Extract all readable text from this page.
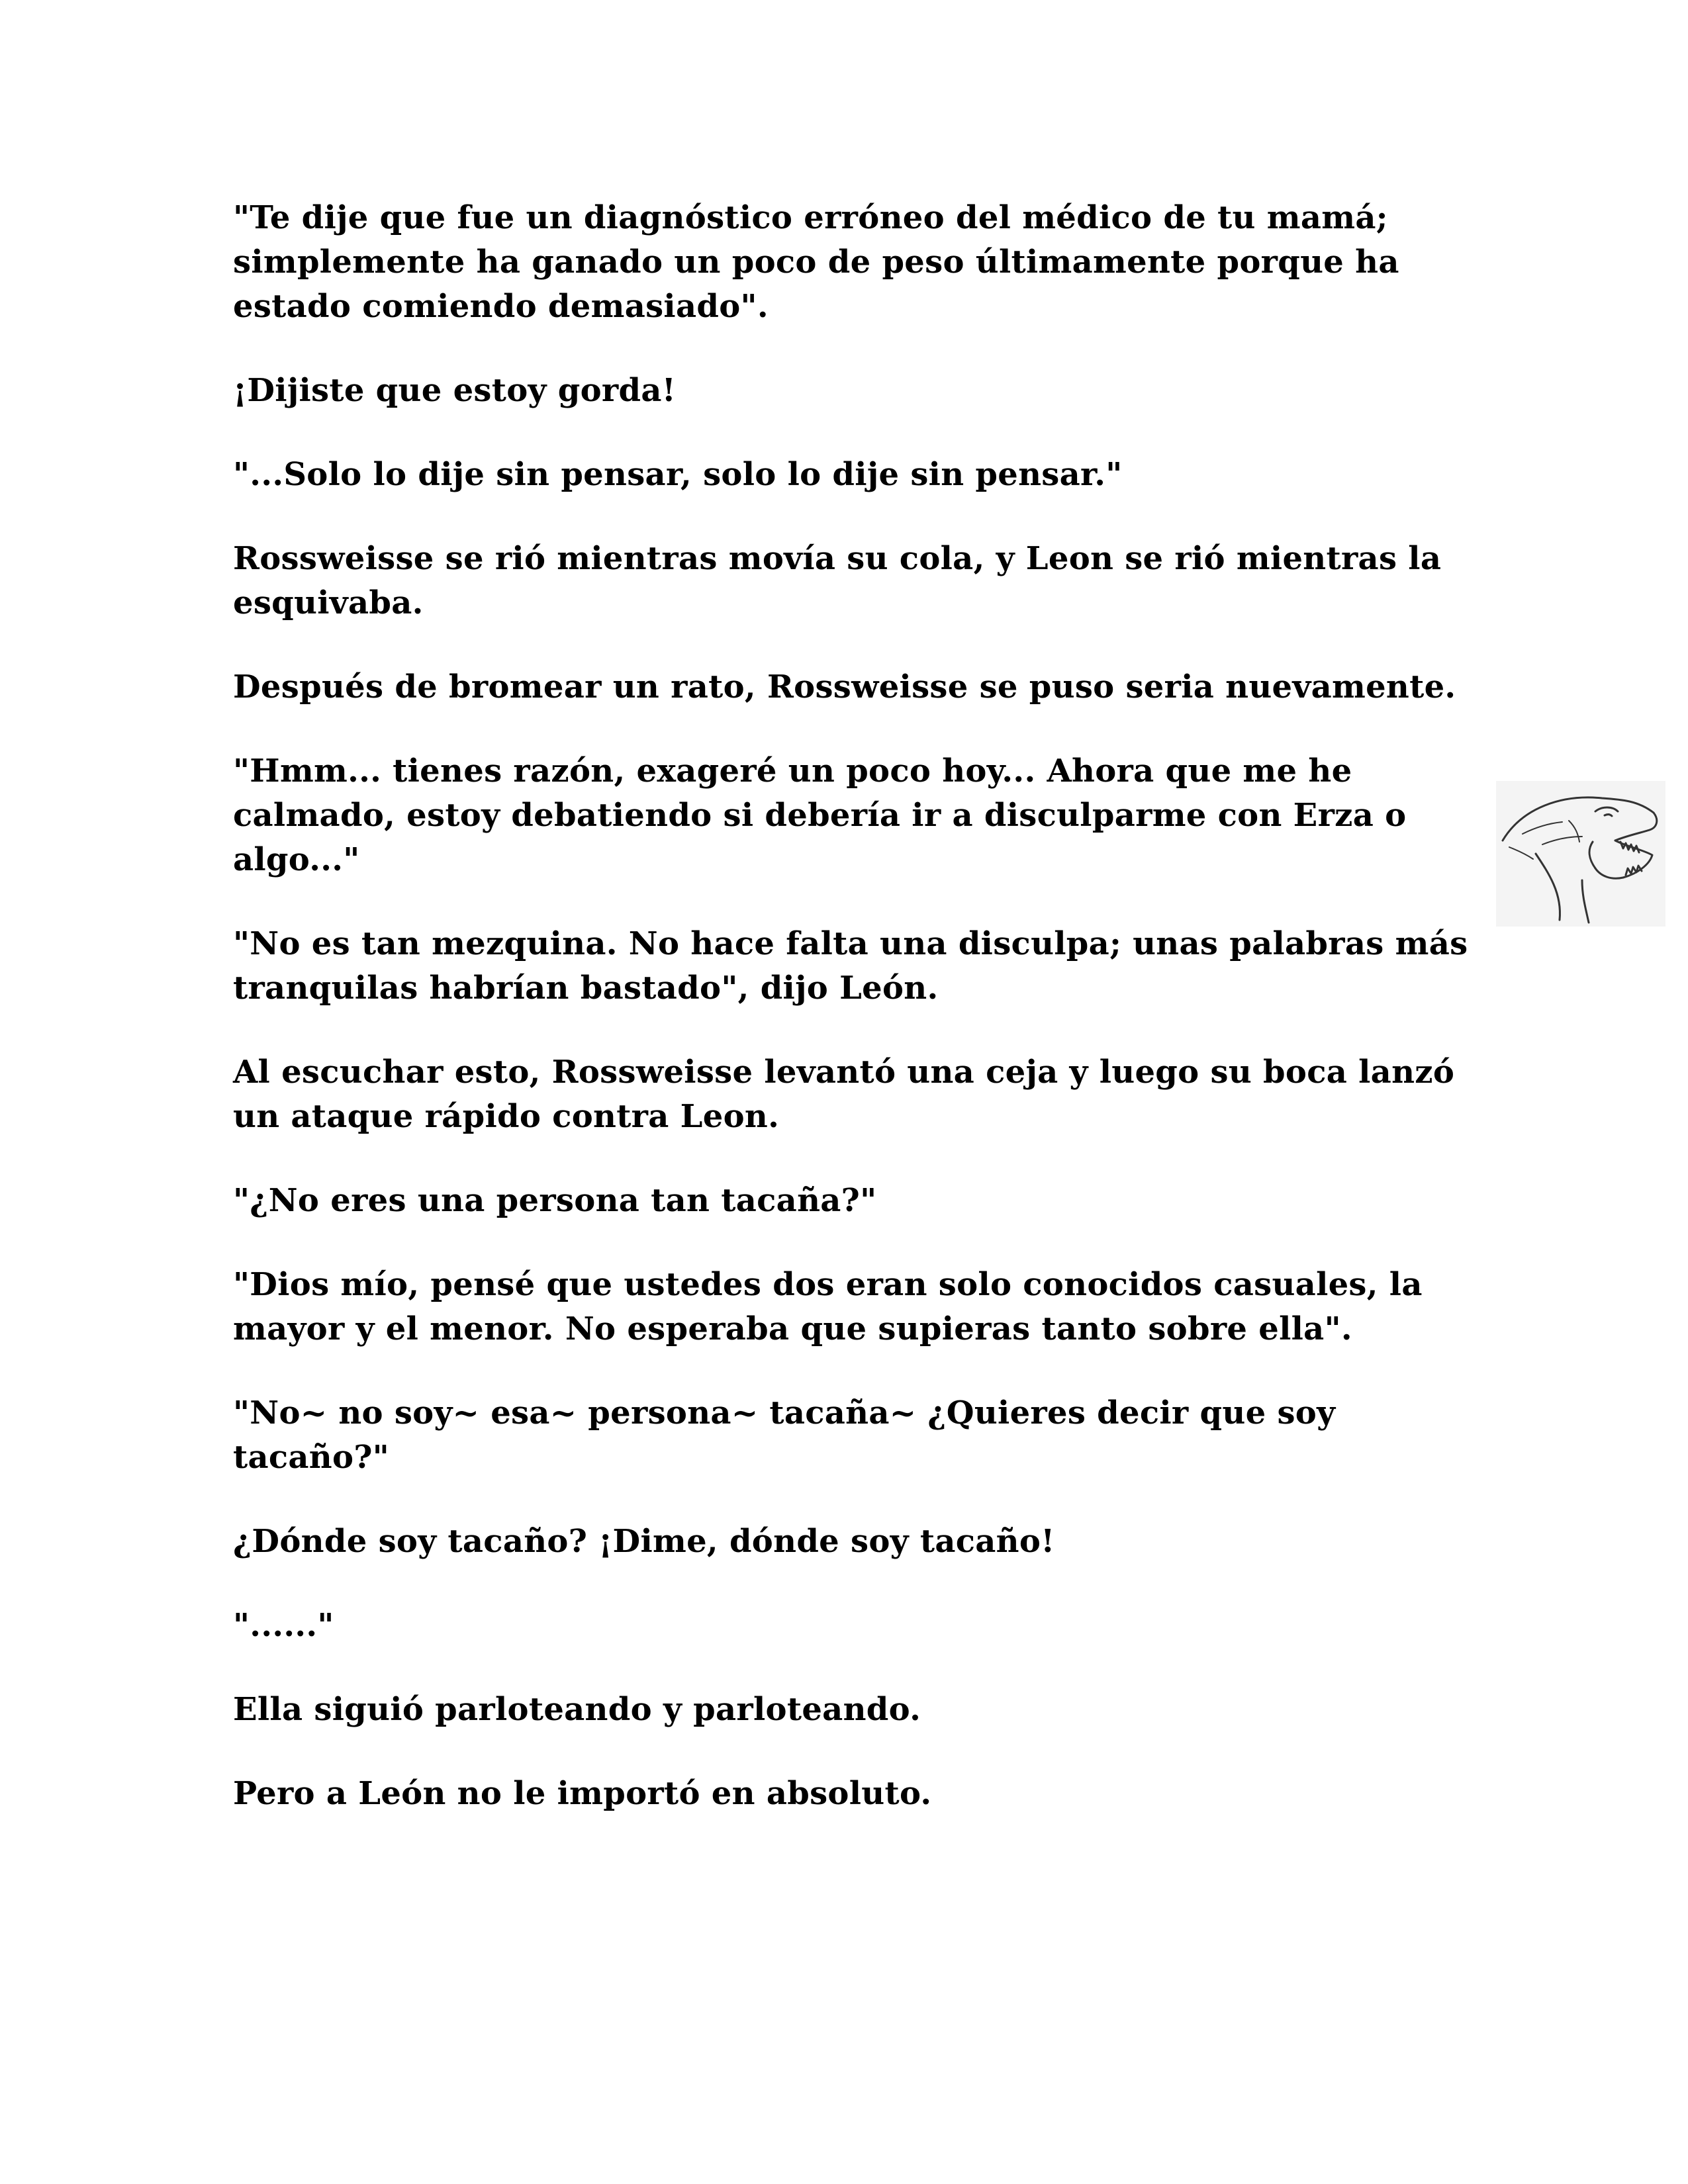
"Te dije que fue un diagnóstico erróneo del médico de tu mamá; simplemente ha ganado un poco de peso últimamente porque ha estado comiendo demasiado".

¡Dijiste que estoy gorda!

"...Solo lo dije sin pensar, solo lo dije sin pensar."

Rossweisse se rió mientras movía su cola, y Leon se rió mientras la esquivaba.

Después de bromear un rato, Rossweisse se puso seria nuevamente.

"Hmm... tienes razón, exageré un poco hoy... Ahora que me he calmado, estoy debatiendo si debería ir a disculparme con Erza o algo..."

"No es tan mezquina. No hace falta una disculpa; unas palabras más tranquilas habrían bastado", dijo León.

Al escuchar esto, Rossweisse levantó una ceja y luego su boca lanzó un ataque rápido contra Leon.

"¿No eres una persona tan tacaña?"

"Dios mío, pensé que ustedes dos eran solo conocidos casuales, la mayor y el menor. No esperaba que supieras tanto sobre ella".

"No~ no soy~ esa~ persona~ tacaña~ ¿Quieres decir que soy tacaño?"

¿Dónde soy tacaño? ¡Dime, dónde soy tacaño!

"......"

Ella siguió parloteando y parloteando.

Pero a León no le importó en absoluto.
